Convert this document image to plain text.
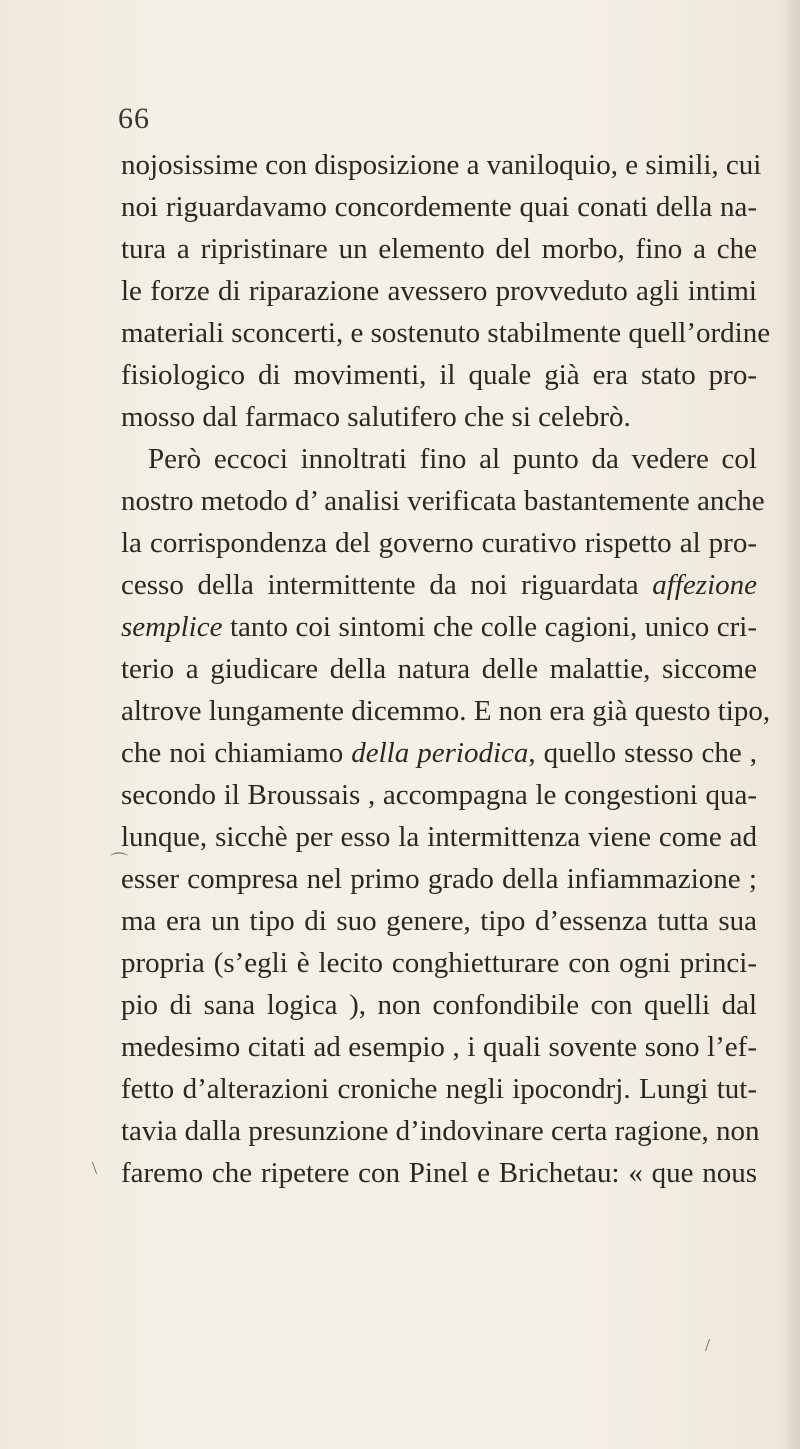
66
nojosissime con disposizione a vaniloquio, e simili, cui
noi riguardavamo concordemente quai conati della na-
tura a ripristinare un elemento del morbo, fino a che
le forze di riparazione avessero provveduto agli intimi
materiali sconcerti, e sostenuto stabilmente quell’ordine
fisiologico di movimenti, il quale già era stato pro-
mosso dal farmaco salutifero che si celebrò.
Però eccoci innoltrati fino al punto da vedere col
nostro metodo d’ analisi verificata bastantemente anche
la corrispondenza del governo curativo rispetto al pro-
cesso della intermittente da noi riguardata affezione
semplice tanto coi sintomi che colle cagioni, unico cri-
terio a giudicare della natura delle malattie, siccome
altrove lungamente dicemmo. E non era già questo tipo,
che noi chiamiamo della periodica, quello stesso che ,
secondo il Broussais , accompagna le congestioni qua-
lunque, sicchè per esso la intermittenza viene come ad
esser compresa nel primo grado della infiammazione ;
ma era un tipo di suo genere, tipo d’essenza tutta sua
propria (s’egli è lecito conghietturare con ogni princi-
pio di sana logica ), non confondibile con quelli dal
medesimo citati ad esempio , i quali sovente sono l’ef-
fetto d’alterazioni croniche negli ipocondrj. Lungi tut-
tavia dalla presunzione d’indovinare certa ragione, non
faremo che ripetere con Pinel e Brichetau: « que nous
⌒
\
/
